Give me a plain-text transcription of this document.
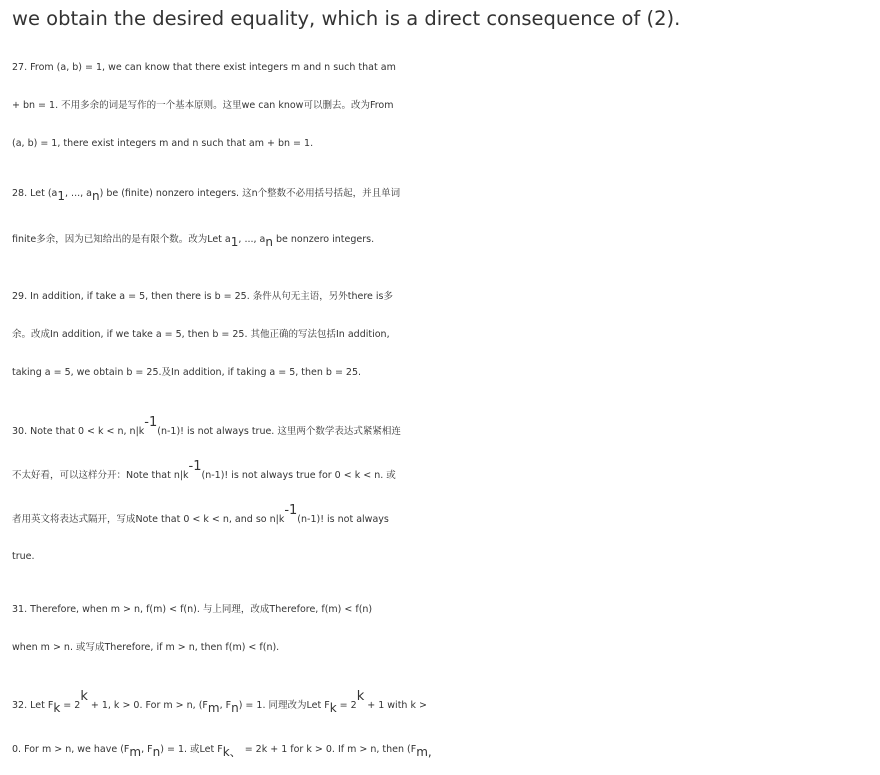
we obtain the desired equality, which is a direct consequence of (2).
27. From (a, b) = 1, we can know that there exist integers m and n such that am
+ bn = 1. 不用多余的词是写作的一个基本原则。这里we can know可以删去。改为From
(a, b) = 1, there exist integers m and n such that am + bn = 1.
28. Let ($a_1$, ..., $a_n$) be (finite) nonzero integers. 这n个整数不必用括号括起，并且单词
finite多余，因为已知给出的是有限个数。改为Let $a_1$, ..., $a_n$ be nonzero integers.
29. In addition, if take a = 5, then there is b = 25. 条件从句无主语，另外there is多
余。改成In addition, if we take a = 5, then b = 25. 其他正确的写法包括In addition,
taking a = 5, we obtain b = 25.及In addition, if taking a = 5, then b = 25.
30. Note that 0 < k < n, $n|k^{-1}(n-1)$! is not always true. 这里两个数学表达式紧紧相连
不太好看，可以这样分开：Note that $n|k^{-1}(n-1)$! is not always true for 0 < k < n. 或
者用英文将表达式隔开，写成Note that 0 < k < n, and so $n|k^{-1}(n-1)$! is not always
true.
31. Therefore, when m > n, f(m) < f(n). 与上同理，改成Therefore, f(m) < f(n)
when m > n. 或写成Therefore, if m > n, then f(m) < f(n).
32. Let $F_k = 2^k + 1$, k > 0. For m > n, ($F_m$, $F_n) = 1$. 同理改为Let $F_k = 2^k + 1$ with k >
0. For m > n, we have ($F_m$, $F_n) = 1$. 或Let $F_{k、} = 2k + 1$ for k > 0. If m > n, then ($F_{m,}$
